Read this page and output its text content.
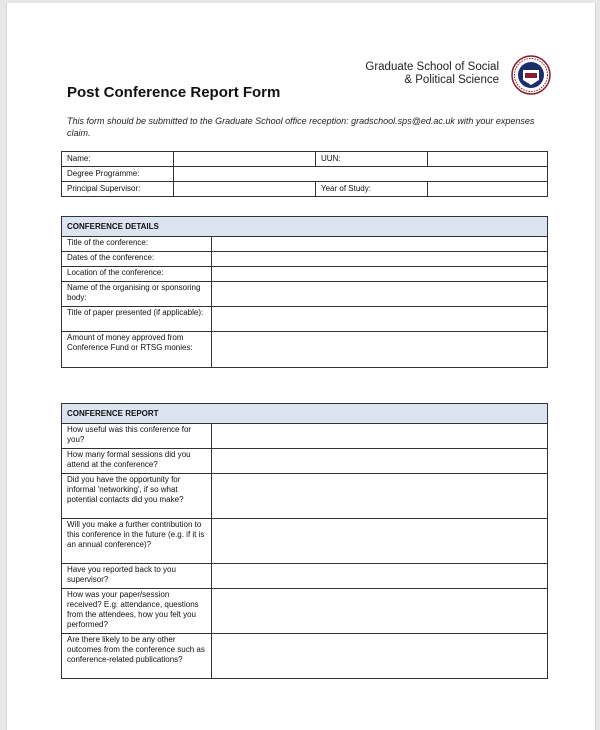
Graduate School of Social
& Political Science
Post Conference Report Form
This form should be submitted to the Graduate School office reception: gradschool.sps@ed.ac.uk with your expenses claim.
Name:		UUN:	
Degree Programme:			
Principal Supervisor:		Year of Study:	
CONFERENCE DETAILS	
Title of the conference:	
Dates of the conference:	
Location of the conference:	
Name of the organising or sponsoring body:	
Title of paper presented (if applicable):	
Amount of money approved from Conference Fund or RTSG monies:	
CONFERENCE REPORT	
How useful was this conference for you?	
How many formal sessions did you attend at the conference?	
Did you have the opportunity for informal 'networking', if so what potential contacts did you make?	
Will you make a further contribution to this conference in the future (e.g. if it is an annual conference)?	
Have you reported back to you supervisor?	
How was your paper/session received? E.g. attendance, questions from the attendees, how you felt you performed?	
Are there likely to be any other outcomes from the conference such as conference-related publications?	
